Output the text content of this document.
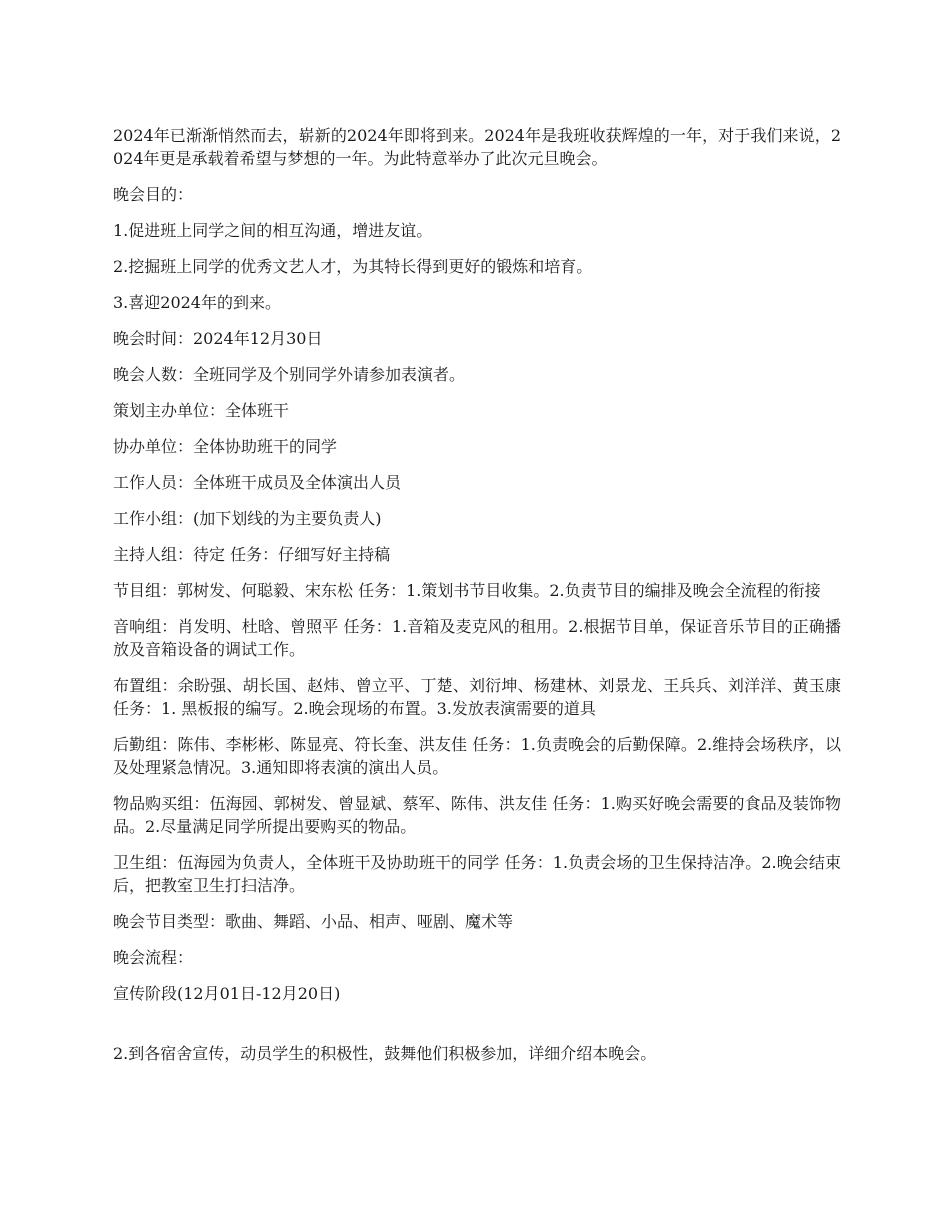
2024年已渐渐悄然而去，崭新的2024年即将到来。2024年是我班收获辉煌的一年，对于我们来说，2024年更是承载着希望与梦想的一年。为此特意举办了此次元旦晚会。

晚会目的：

1.促进班上同学之间的相互沟通，增进友谊。

2.挖掘班上同学的优秀文艺人才，为其特长得到更好的锻炼和培育。

3.喜迎2024年的到来。

晚会时间：2024年12月30日

晚会人数：全班同学及个别同学外请参加表演者。

策划主办单位：全体班干

协办单位：全体协助班干的同学

工作人员：全体班干成员及全体演出人员

工作小组：(加下划线的为主要负责人)

主持人组：待定 任务：仔细写好主持稿

节目组：郭树发、何聪毅、宋东松 任务：1.策划书节目收集。2.负责节目的编排及晚会全流程的衔接

音响组：肖发明、杜晗、曾照平 任务：1.音箱及麦克风的租用。2.根据节目单，保证音乐节目的正确播放及音箱设备的调试工作。

布置组：余盼强、胡长国、赵炜、曾立平、丁楚、刘衍坤、杨建林、刘景龙、王兵兵、刘洋洋、黄玉康 任务：1. 黑板报的编写。2.晚会现场的布置。3.发放表演需要的道具

后勤组：陈伟、李彬彬、陈显亮、符长奎、洪友佳 任务：1.负责晚会的后勤保障。2.维持会场秩序，以及处理紧急情况。3.通知即将表演的演出人员。

物品购买组：伍海园、郭树发、曾显斌、蔡军、陈伟、洪友佳 任务：1.购买好晚会需要的食品及装饰物品。2.尽量满足同学所提出要购买的物品。

卫生组：伍海园为负责人，全体班干及协助班干的同学 任务：1.负责会场的卫生保持洁净。2.晚会结束后，把教室卫生打扫洁净。

晚会节目类型：歌曲、舞蹈、小品、相声、哑剧、魔术等

晚会流程：

宣传阶段(12月01日-12月20日)

2.到各宿舍宣传，动员学生的积极性，鼓舞他们积极参加，详细介绍本晚会。
